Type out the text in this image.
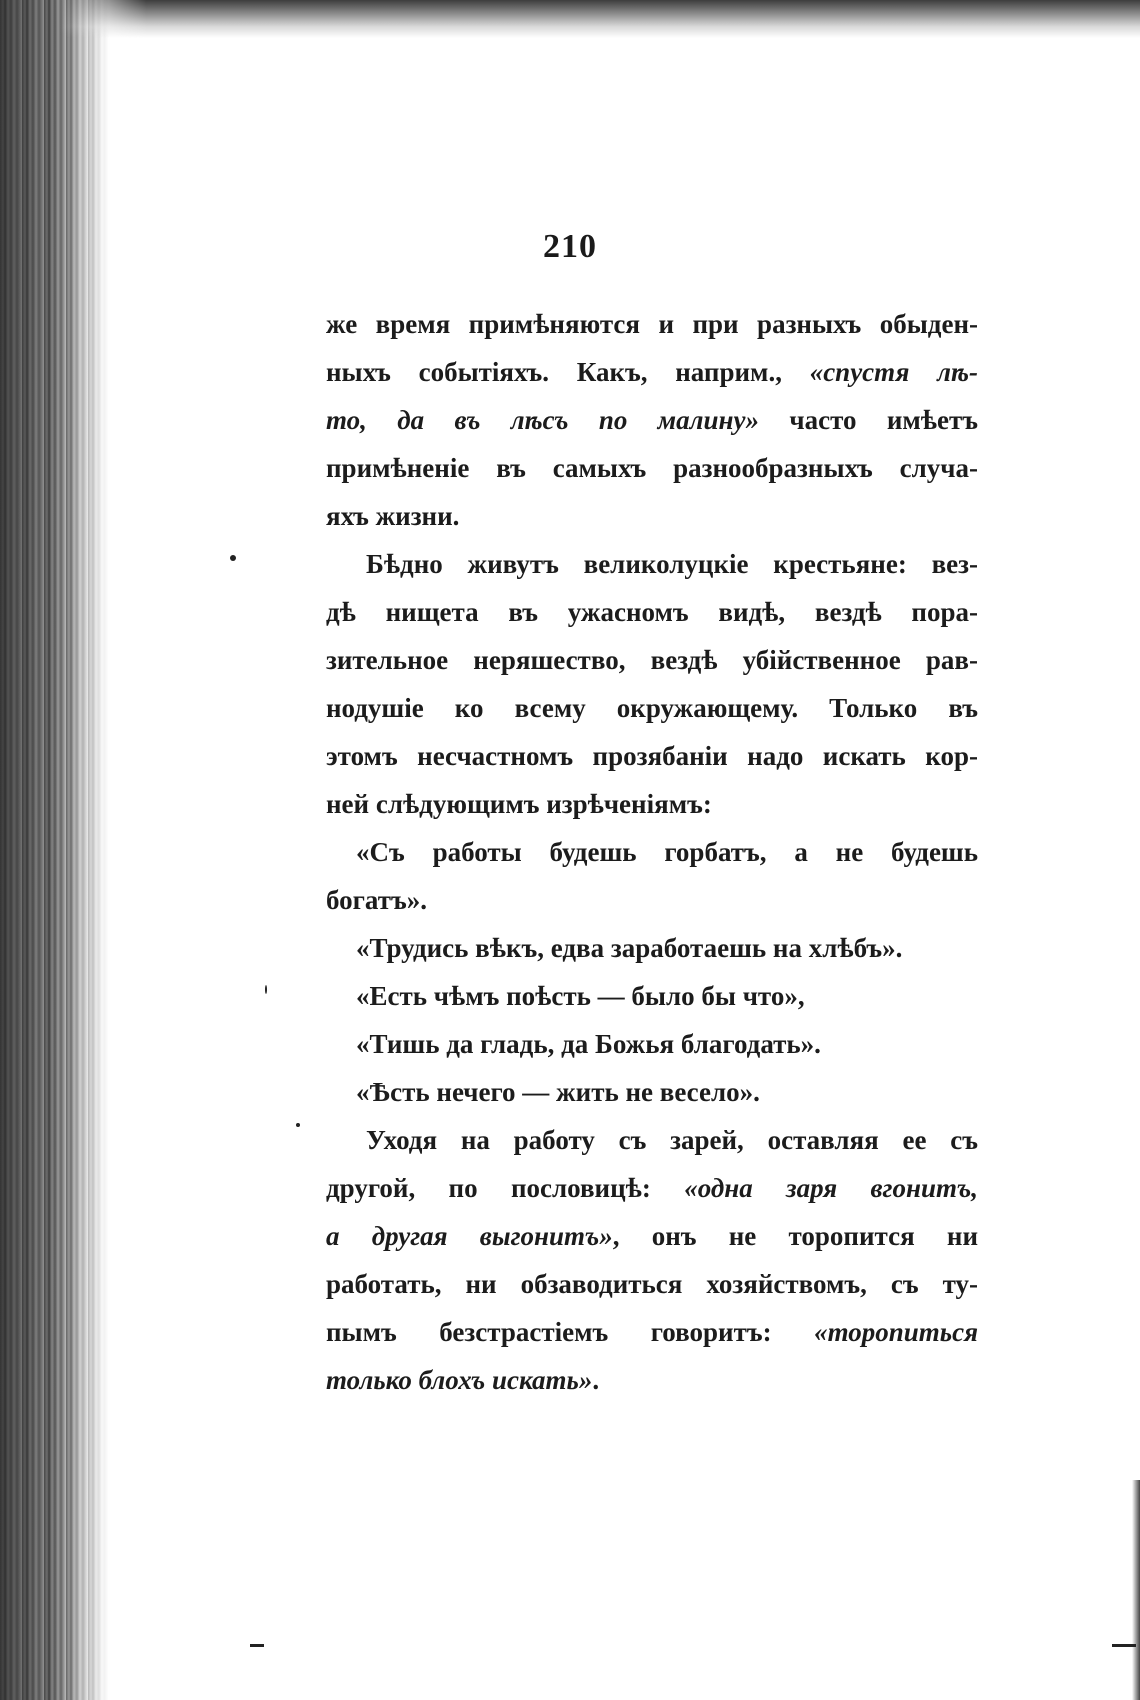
210
же время примѣняются и при разныхъ обыден-
ныхъ событіяхъ. Какъ, наприм., «спустя лѣ-
то, да въ лѣсъ по малину» часто имѣетъ
примѣненіе въ самыхъ разнообразныхъ случа-
яхъ жизни.
Бѣдно живутъ великолуцкіе крестьяне: вез-
дѣ нищета въ ужасномъ видѣ, вездѣ пора-
зительное неряшество, вездѣ убійственное рав-
нодушіе ко всему окружающему. Только въ
этомъ несчастномъ прозябаніи надо искать кор-
ней слѣдующимъ изрѣченіямъ:
«Съ работы будешь горбатъ, а не будешь
богатъ».
«Трудись вѣкъ, едва заработаешь на хлѣбъ».
«Есть чѣмъ поѣсть — было бы что»,
«Тишь да гладь, да Божья благодать».
«Ѣсть нечего — жить не весело».
Уходя на работу съ зарей, оставляя ее съ
другой, по пословицѣ: «одна заря вгонитъ,
а другая выгонитъ», онъ не торопится ни
работать, ни обзаводиться хозяйствомъ, съ ту-
пымъ безстрастіемъ говоритъ: «торопиться
только блохъ искать».
